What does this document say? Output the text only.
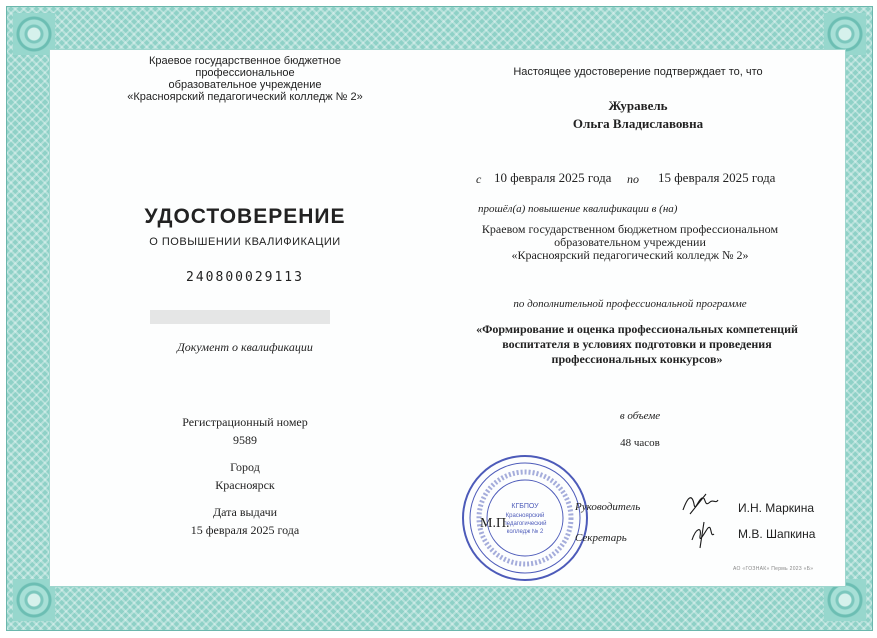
Краевое государственное бюджетное профессиональное
образовательное учреждение
«Красноярский педагогический колледж № 2»
УДОСТОВЕРЕНИЕ
О ПОВЫШЕНИИ КВАЛИФИКАЦИИ
240800029113
Документ о квалификации
Регистрационный номер
9589
Город
Красноярск
Дата выдачи
15 февраля 2025 года
Настоящее удостоверение подтверждает то, что
Журавель
Ольга Владиславовна
с 10 февраля 2025 года по 15 февраля 2025 года
прошёл(а) повышение квалификации в (на)
Краевом государственном бюджетном профессиональном
образовательном учреждении
«Красноярский педагогический колледж № 2»
по дополнительной профессиональной программе
«Формирование и оценка профессиональных компетенций
воспитателя в условиях подготовки и проведения
профессиональных конкурсов»
в объеме
48 часов
КГБПОУ
Красноярский
педагогический
колледж № 2
М.П.
Руководитель
Секретарь
И.Н. Маркина
М.В. Шапкина
АО «ГОЗНАК» Пермь 2023 «Б»
